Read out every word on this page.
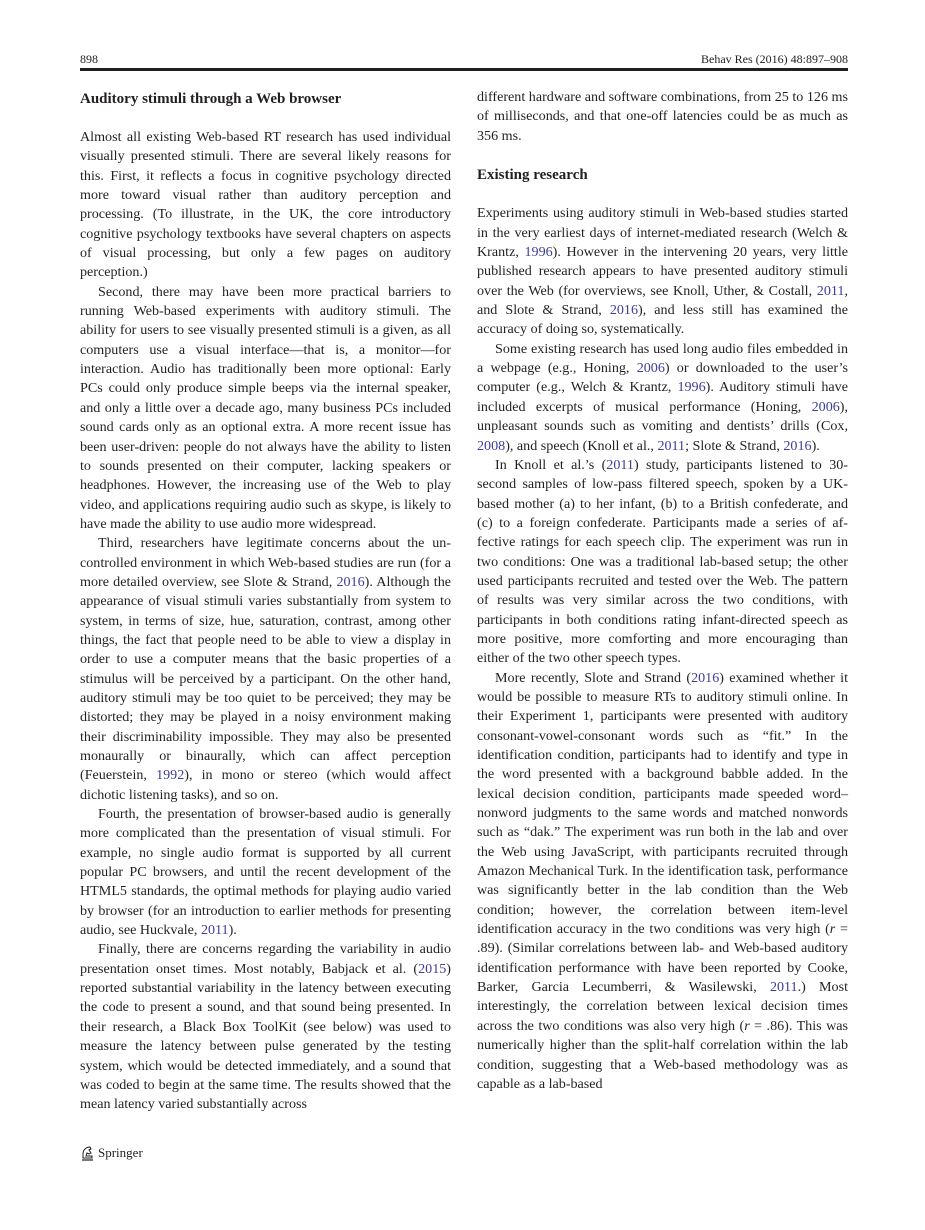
898	Behav Res (2016) 48:897–908
Auditory stimuli through a Web browser

Almost all existing Web-based RT research has used individual visually presented stimuli. There are several likely reasons for this. First, it reflects a focus in cognitive psychology directed more toward visual rather than auditory perception and processing. (To illustrate, in the UK, the core introductory cognitive psychology textbooks have several chapters on aspects of visual processing, but only a few pages on auditory perception.)

Second, there may have been more practical barriers to running Web-based experiments with auditory stimuli. The ability for users to see visually presented stimuli is a given, as all computers use a visual interface—that is, a monitor—for interaction. Audio has traditionally been more optional: Early PCs could only produce simple beeps via the internal speaker, and only a little over a decade ago, many business PCs included sound cards only as an optional extra. A more recent issue has been user-driven: people do not always have the ability to listen to sounds presented on their computer, lacking speakers or headphones. However, the increasing use of the Web to play video, and applications requiring audio such as skype, is likely to have made the ability to use audio more widespread.

Third, researchers have legitimate concerns about the uncontrolled environment in which Web-based studies are run (for a more detailed overview, see Slote & Strand, 2016). Although the appearance of visual stimuli varies substantially from system to system, in terms of size, hue, saturation, contrast, among other things, the fact that people need to be able to view a display in order to use a computer means that the basic properties of a stimulus will be perceived by a participant. On the other hand, auditory stimuli may be too quiet to be perceived; they may be distorted; they may be played in a noisy environment making their discriminability impossible. They may also be presented monaurally or binaurally, which can affect perception (Feuerstein, 1992), in mono or stereo (which would affect dichotic listening tasks), and so on.

Fourth, the presentation of browser-based audio is generally more complicated than the presentation of visual stimuli. For example, no single audio format is supported by all current popular PC browsers, and until the recent development of the HTML5 standards, the optimal methods for playing audio varied by browser (for an introduction to earlier methods for presenting audio, see Huckvale, 2011).

Finally, there are concerns regarding the variability in audio presentation onset times. Most notably, Babjack et al. (2015) reported substantial variability in the latency between executing the code to present a sound, and that sound being presented. In their research, a Black Box ToolKit (see below) was used to measure the latency between pulse generated by the testing system, which would be detected immediately, and a sound that was coded to begin at the same time. The results showed that the mean latency varied substantially across

different hardware and software combinations, from 25 to 126 ms of milliseconds, and that one-off latencies could be as much as 356 ms.

Existing research

Experiments using auditory stimuli in Web-based studies started in the very earliest days of internet-mediated research (Welch & Krantz, 1996). However in the intervening 20 years, very little published research appears to have presented auditory stimuli over the Web (for overviews, see Knoll, Uther, & Costall, 2011, and Slote & Strand, 2016), and less still has examined the accuracy of doing so, systematically.

Some existing research has used long audio files embedded in a webpage (e.g., Honing, 2006) or downloaded to the user’s computer (e.g., Welch & Krantz, 1996). Auditory stimuli have included excerpts of musical performance (Honing, 2006), unpleasant sounds such as vomiting and dentists’ drills (Cox, 2008), and speech (Knoll et al., 2011; Slote & Strand, 2016).

In Knoll et al.’s (2011) study, participants listened to 30-second samples of low-pass filtered speech, spoken by a UK-based mother (a) to her infant, (b) to a British confederate, and (c) to a foreign confederate. Participants made a series of affective ratings for each speech clip. The experiment was run in two conditions: One was a traditional lab-based setup; the other used participants recruited and tested over the Web. The pattern of results was very similar across the two conditions, with participants in both conditions rating infant-directed speech as more positive, more comforting and more encouraging than either of the two other speech types.

More recently, Slote and Strand (2016) examined whether it would be possible to measure RTs to auditory stimuli online. In their Experiment 1, participants were presented with auditory consonant-vowel-consonant words such as “fit.” In the identification condition, participants had to identify and type in the word presented with a background babble added. In the lexical decision condition, participants made speeded word–nonword judgments to the same words and matched nonwords such as “dak.” The experiment was run both in the lab and over the Web using JavaScript, with participants recruited through Amazon Mechanical Turk. In the identification task, performance was significantly better in the lab condition than the Web condition; however, the correlation between item-level identification accuracy in the two conditions was very high (r = .89). (Similar correlations between lab- and Web-based auditory identification performance with have been reported by Cooke, Barker, Garcia Lecumberri, & Wasilewski, 2011.) Most interestingly, the correlation between lexical decision times across the two conditions was also very high (r = .86). This was numerically higher than the split-half correlation within the lab condition, suggesting that a Web-based methodology was as capable as a lab-based

Springer
